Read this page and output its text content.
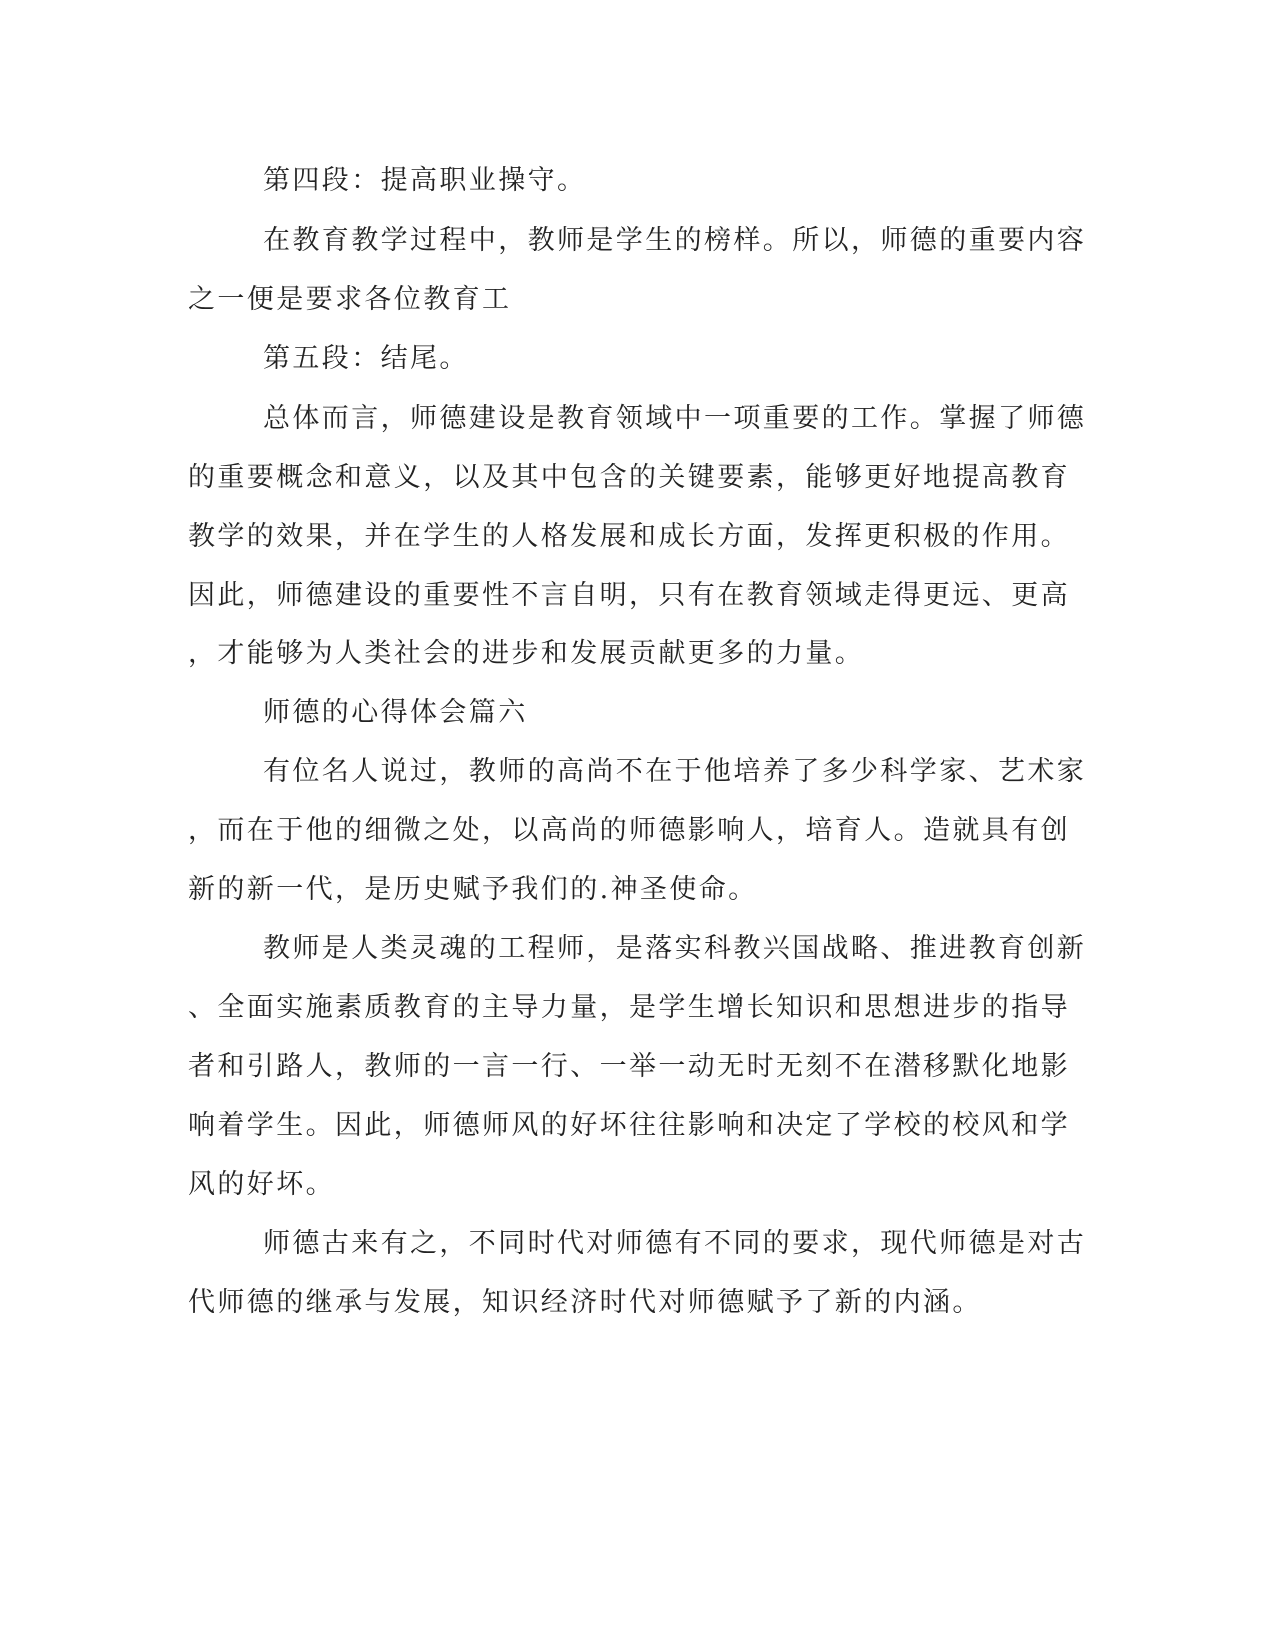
第四段：提高职业操守。
在教育教学过程中，教师是学生的榜样。所以，师德的重要内容
之一便是要求各位教育工
第五段：结尾。
总体而言，师德建设是教育领域中一项重要的工作。掌握了师德
的重要概念和意义，以及其中包含的关键要素，能够更好地提高教育
教学的效果，并在学生的人格发展和成长方面，发挥更积极的作用。
因此，师德建设的重要性不言自明，只有在教育领域走得更远、更高
，才能够为人类社会的进步和发展贡献更多的力量。
师德的心得体会篇六
有位名人说过，教师的高尚不在于他培养了多少科学家、艺术家
，而在于他的细微之处，以高尚的师德影响人，培育人。造就具有创
新的新一代，是历史赋予我们的.神圣使命。
教师是人类灵魂的工程师，是落实科教兴国战略、推进教育创新
、全面实施素质教育的主导力量，是学生增长知识和思想进步的指导
者和引路人，教师的一言一行、一举一动无时无刻不在潜移默化地影
响着学生。因此，师德师风的好坏往往影响和决定了学校的校风和学
风的好坏。
师德古来有之，不同时代对师德有不同的要求，现代师德是对古
代师德的继承与发展，知识经济时代对师德赋予了新的内涵。
